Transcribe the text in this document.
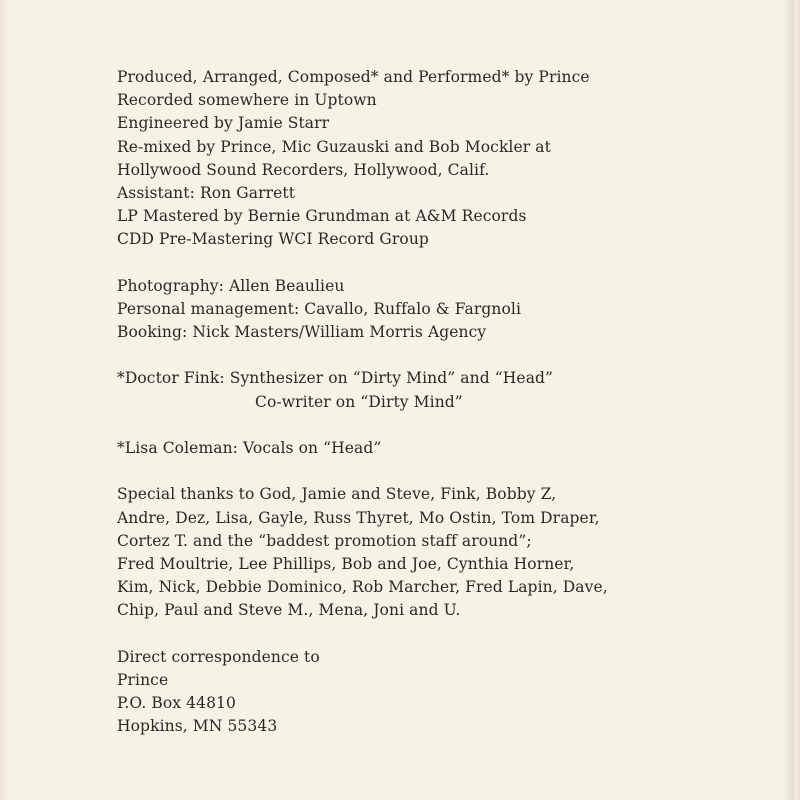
Produced, Arranged, Composed* and Performed* by Prince
Recorded somewhere in Uptown
Engineered by Jamie Starr
Re-mixed by Prince, Mic Guzauski and Bob Mockler at
Hollywood Sound Recorders, Hollywood, Calif.
Assistant: Ron Garrett
LP Mastered by Bernie Grundman at A&M Records
CDD Pre-Mastering WCI Record Group
Photography: Allen Beaulieu
Personal management: Cavallo, Ruffalo & Fargnoli
Booking: Nick Masters/William Morris Agency
*Doctor Fink: Synthesizer on “Dirty Mind” and “Head”
Co-writer on “Dirty Mind”
*Lisa Coleman: Vocals on “Head”
Special thanks to God, Jamie and Steve, Fink, Bobby Z,
Andre, Dez, Lisa, Gayle, Russ Thyret, Mo Ostin, Tom Draper,
Cortez T. and the “baddest promotion staff around”;
Fred Moultrie, Lee Phillips, Bob and Joe, Cynthia Horner,
Kim, Nick, Debbie Dominico, Rob Marcher, Fred Lapin, Dave,
Chip, Paul and Steve M., Mena, Joni and U.
Direct correspondence to
Prince
P.O. Box 44810
Hopkins, MN 55343
